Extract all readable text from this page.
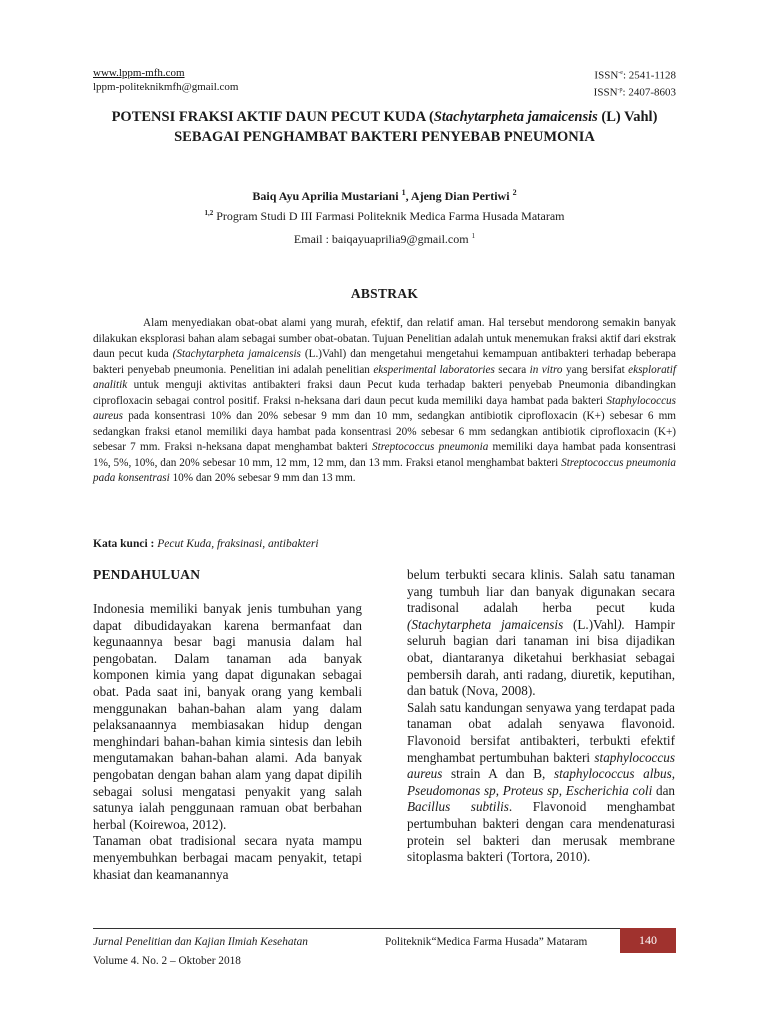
www.lppm-mfh.com
lppm-politeknikmfh@gmail.com
$ISSN^{-e}$: 2541-1128
$ISSN^{-p}$: 2407-8603
POTENSI FRAKSI AKTIF DAUN PECUT KUDA (Stachytarpheta jamaicensis (L) Vahl) SEBAGAI PENGHAMBAT BAKTERI PENYEBAB PNEUMONIA
Baiq Ayu Aprilia Mustariani $^1$, Ajeng Dian Pertiwi $^2$
$^{1,2}$ Program Studi D III Farmasi Politeknik Medica Farma Husada Mataram
Email : baiqayuaprilia9@gmail.com $^1$
ABSTRAK
Alam menyediakan obat-obat alami yang murah, efektif, dan relatif aman. Hal tersebut mendorong semakin banyak dilakukan eksplorasi bahan alam sebagai sumber obat-obatan. Tujuan Penelitian adalah untuk menemukan fraksi aktif dari ekstrak daun pecut kuda (Stachytarpheta jamaicensis (L.)Vahl) dan mengetahui mengetahui kemampuan antibakteri terhadap beberapa bakteri penyebab pneumonia. Penelitian ini adalah penelitian eksperimental laboratories secara in vitro yang bersifat eksploratif analitik untuk menguji aktivitas antibakteri fraksi daun Pecut kuda terhadap bakteri penyebab Pneumonia dibandingkan ciprofloxacin sebagai control positif. Fraksi n-heksana dari daun pecut kuda memiliki daya hambat pada bakteri Staphylococcus aureus pada konsentrasi 10% dan 20% sebesar 9 mm dan 10 mm, sedangkan antibiotik ciprofloxacin (K+) sebesar 6 mm sedangkan fraksi etanol memiliki daya hambat pada konsentrasi 20% sebesar 6 mm sedangkan antibiotik ciprofloxacin (K+) sebesar 7 mm. Fraksi n-heksana dapat menghambat bakteri Streptococcus pneumonia memiliki daya hambat pada konsentrasi 1%, 5%, 10%, dan 20% sebesar 10 mm, 12 mm, 12 mm, dan 13 mm. Fraksi etanol menghambat bakteri Streptococcus pneumonia pada konsentrasi 10% dan 20% sebesar 9 mm dan 13 mm.
Kata kunci : Pecut Kuda, fraksinasi, antibakteri
PENDAHULUAN

Indonesia memiliki banyak jenis tumbuhan yang dapat dibudidayakan karena bermanfaat dan kegunaannya besar bagi manusia dalam hal pengobatan. Dalam tanaman ada banyak komponen kimia yang dapat digunakan sebagai obat. Pada saat ini, banyak orang yang kembali menggunakan bahan-bahan alam yang dalam pelaksanaannya membiasakan hidup dengan menghindari bahan-bahan kimia sintesis dan lebih mengutamakan bahan-bahan alami. Ada banyak pengobatan dengan bahan alam yang dapat dipilih sebagai solusi mengatasi penyakit yang salah satunya ialah penggunaan ramuan obat berbahan herbal (Koirewoa, 2012).

Tanaman obat tradisional secara nyata mampu menyembuhkan berbagai macam penyakit, tetapi khasiat dan keamanannya

belum terbukti secara klinis. Salah satu tanaman yang tumbuh liar dan banyak digunakan secara tradisonal adalah herba pecut kuda (Stachytarpheta jamaicensis (L.)Vahl). Hampir seluruh bagian dari tanaman ini bisa dijadikan obat, diantaranya diketahui berkhasiat sebagai pembersih darah, anti radang, diuretik, keputihan, dan batuk (Nova, 2008).

Salah satu kandungan senyawa yang terdapat pada tanaman obat adalah senyawa flavonoid. Flavonoid bersifat antibakteri, terbukti efektif menghambat pertumbuhan bakteri staphylococcus aureus strain A dan B, staphylococcus albus, Pseudomonas sp, Proteus sp, Escherichia coli dan Bacillus subtilis. Flavonoid menghambat pertumbuhan bakteri dengan cara mendenaturasi protein sel bakteri dan merusak membrane sitoplasma bakteri (Tortora, 2010).

Jurnal Penelitian dan Kajian Ilmiah Kesehatan
Volume 4. No. 2 – Oktober 2018
Politeknik“Medica Farma Husada” Mataram	140
